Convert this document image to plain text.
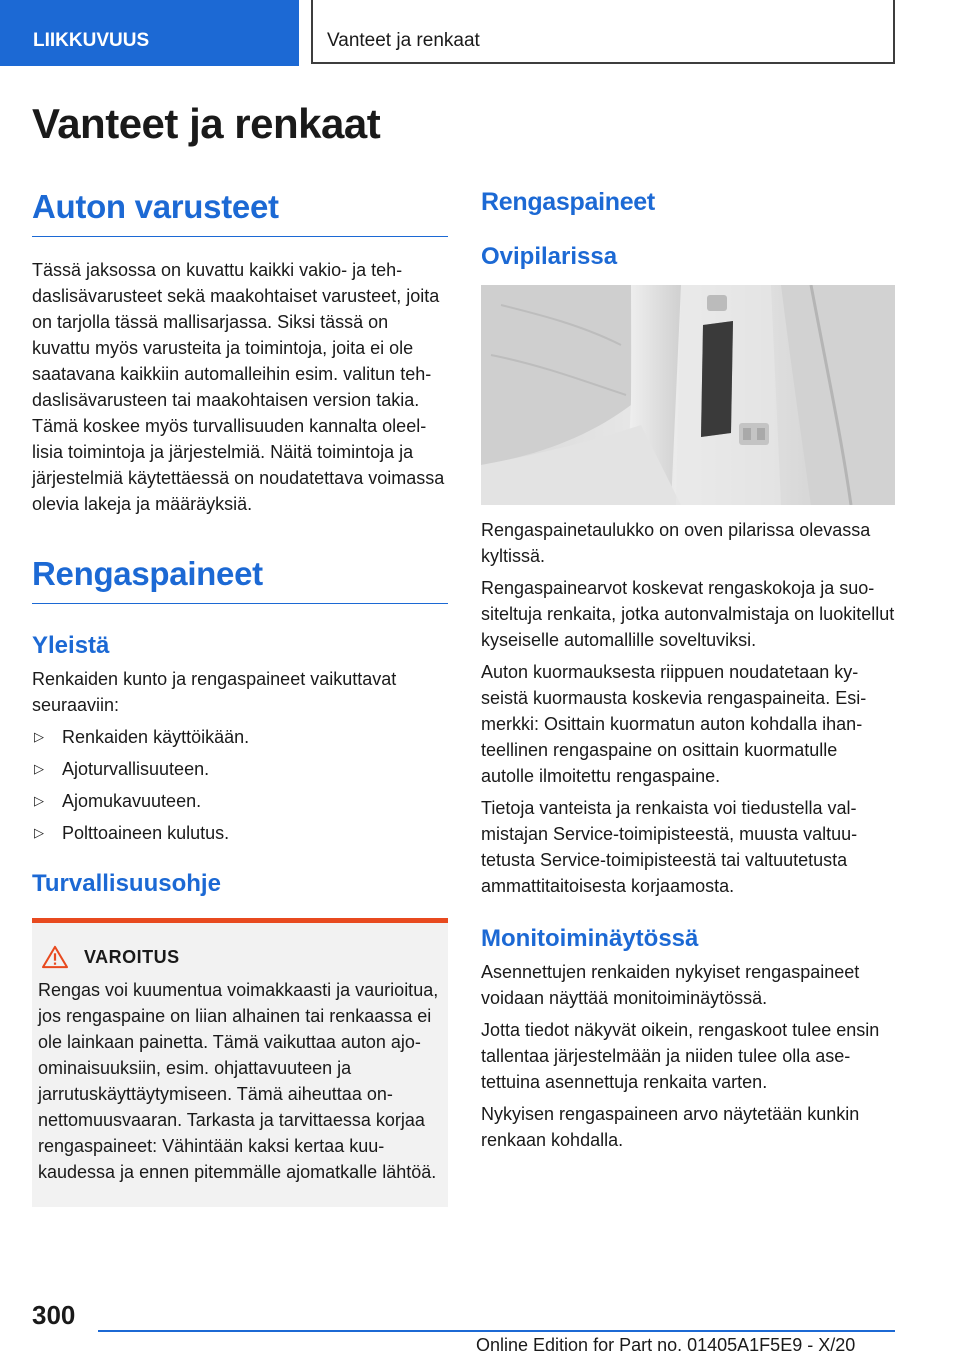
LIIKKUVUUS	Vanteet ja renkaat
Vanteet ja renkaat
Auton varusteet

Tässä jaksossa on kuvattu kaikki vakio- ja tehdaslisävarusteet sekä maakohtaiset varusteet, joita on tarjolla tässä mallisarjassa. Siksi tässä on kuvattu myös varusteita ja toimintoja, joita ei ole saatavana kaikkiin automalleihin esim. valitun tehdaslisävarusteen tai maakohtaisen version takia. Tämä koskee myös turvallisuuden kannalta oleellisia toimintoja ja järjestelmiä. Näitä toimintoja ja järjestelmiä käytettäessä on noudatettava voimassa olevia lakeja ja määräyksiä.

Rengaspaineet
Yleistä

Renkaiden kunto ja rengaspaineet vaikuttavat seuraaviin:

▷ Renkaiden käyttöikään.
▷ Ajoturvallisuuteen.
▷ Ajomukavuuteen.
▷ Polttoaineen kulutus.
Turvallisuusohje
VAROITUS

Rengas voi kuumentua voimakkaasti ja vaurioitua, jos rengaspaine on liian alhainen tai renkaassa ei ole lainkaan painetta. Tämä vaikuttaa auton ajo-ominaisuuksiin, esim. ohjattavuuteen ja jarrutuskäyttäytymiseen. Tämä aiheuttaa onnettomuusvaaran. Tarkasta ja tarvittaessa korjaa rengaspaineet: Vähintään kaksi kertaa kuukaudessa ja ennen pitemmälle ajomatkalle lähtöä.

Rengaspaineet
Ovipilarissa

Rengaspainetaulukko on oven pilarissa olevassa kyltissä.

Rengaspainearvot koskevat rengaskokoja ja suositeltuja renkaita, jotka autonvalmistaja on luokitellut kyseiselle automallille soveltuviksi.

Auton kuormauksesta riippuen noudatetaan kyseistä kuormausta koskevia rengaspaineita. Esimerkki: Osittain kuormatun auton kohdalla ihanteellinen rengaspaine on osittain kuormatulle autolle ilmoitettu rengaspaine.

Tietoja vanteista ja renkaista voi tiedustella valmistajan Service-toimipisteestä, muusta valtuutetusta Service-toimipisteestä tai valtuutetusta ammattitaitoisesta korjaamosta.

Monitoiminäytössä

Asennettujen renkaiden nykyiset rengaspaineet voidaan näyttää monitoiminäytössä.

Jotta tiedot näkyvät oikein, rengaskoot tulee ensin tallentaa järjestelmään ja niiden tulee olla asetettuina asennettuja renkaita varten.

Nykyisen rengaspaineen arvo näytetään kunkin renkaan kohdalla.

300
Online Edition for Part no. 01405A1F5E9 - X/20
